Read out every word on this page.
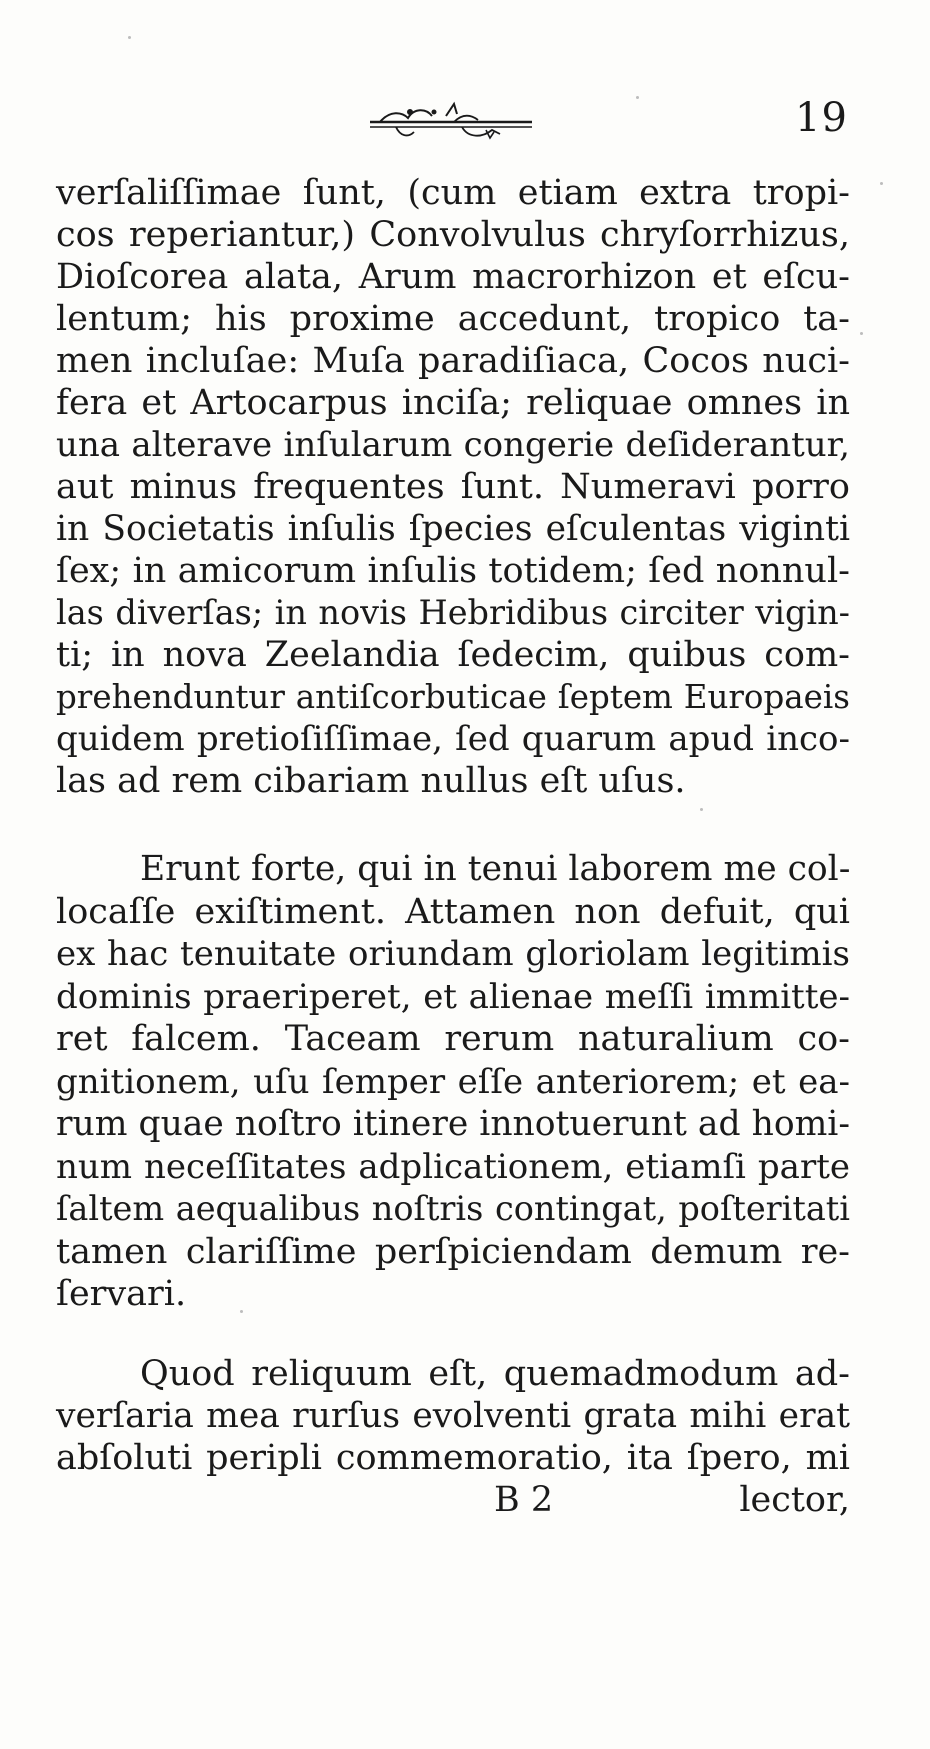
19
verſaliſſimae ſunt, (cum etiam extra tropi-
cos reperiantur,) Convolvulus chryſorrhizus,
Dioſcorea alata, Arum macrorhizon et eſcu-
lentum; his proxime accedunt, tropico ta-
men incluſae: Muſa paradiſiaca, Cocos nuci-
fera et Artocarpus inciſa; reliquae omnes in
una alterave inſularum congerie deſiderantur,
aut minus frequentes ſunt. Numeravi porro
in Societatis inſulis ſpecies eſculentas viginti
ſex; in amicorum inſulis totidem; ſed nonnul-
las diverſas; in novis Hebridibus circiter vigin-
ti; in nova Zeelandia ſedecim, quibus com-
prehenduntur antiſcorbuticae ſeptem Europaeis
quidem pretioſiſſimae, ſed quarum apud inco-
las ad rem cibariam nullus eſt uſus.
Erunt forte, qui in tenui laborem me col-
locaſſe exiſtiment. Attamen non defuit, qui
ex hac tenuitate oriundam gloriolam legitimis
dominis praeriperet, et alienae meſſi immitte-
ret falcem. Taceam rerum naturalium co-
gnitionem, uſu ſemper eſſe anteriorem; et ea-
rum quae noſtro itinere innotuerunt ad homi-
num neceſſitates adplicationem, etiamſi parte
ſaltem aequalibus noſtris contingat, poſteritati
tamen clariſſime perſpiciendam demum re-
ſervari.
Quod reliquum eſt, quemadmodum ad-
verſaria mea rurſus evolventi grata mihi erat
abſoluti peripli commemoratio, ita ſpero, mi
B 2	lector,
